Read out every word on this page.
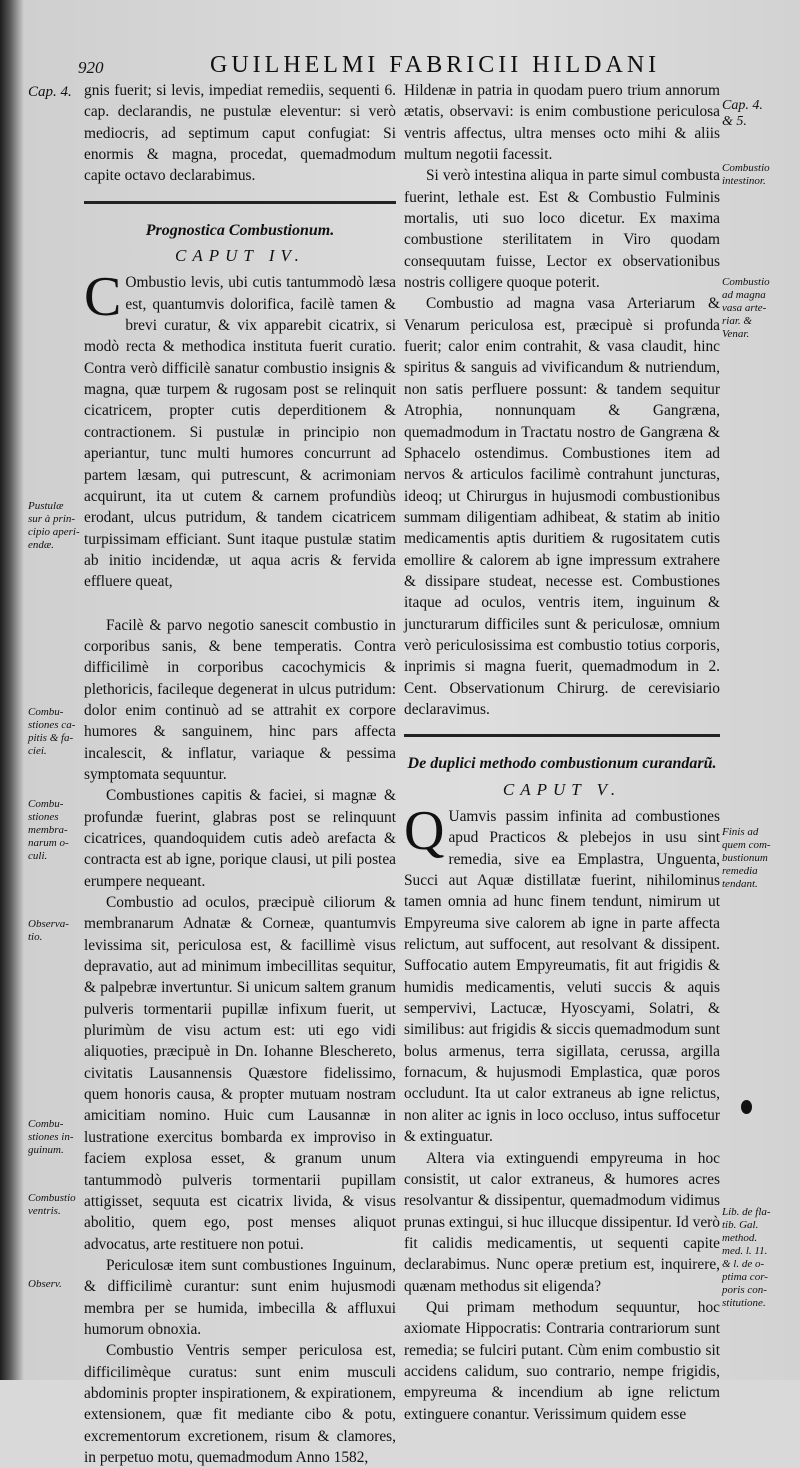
920	GUILHELMI FABRICII HILDANI

gnis fuerit; si levis, impediat remediis, sequenti 6. cap. declarandis, ne pustulæ eleventur: si verò mediocris, ad septimum caput confugiat: Si enormis & magna, procedat, quemadmodum capite octavo declarabimus.

Prognostica Combustionum.
CAPUT IV.

C Ombustio levis, ubi cutis tantummodò læsa est, quantumvis dolorifica, facilè tamen & brevi curatur, & vix apparebit cicatrix, si modò recta & methodica instituta fuerit curatio. Contra verò difficilè sanatur combustio insignis & magna, quæ turpem & rugosam post se relinquit cicatricem, propter cutis deperditionem & contractionem. Si pustulæ in principio non aperiantur, tunc multi humores concurrunt ad partem læsam, qui putrescunt, & acrimoniam acquirunt, ita ut cutem & carnem profundiùs erodant, ulcus putridum, & tandem cicatricem turpissimam efficiant. Sunt itaque pustulæ statim ab initio incidendæ, ut aqua acris & fervida effluere queat,

Facilè & parvo negotio sanescit combustio in corporibus sanis, & bene temperatis. Contra difficilimè in corporibus cacochymicis & plethoricis, facileque degenerat in ulcus putridum: dolor enim continuò ad se attrahit ex corpore humores & sanguinem, hinc pars affecta incalescit, & inflatur, variaque & pessima symptomata sequuntur.

Combustiones capitis & faciei, si magnæ & profundæ fuerint, glabras post se relinquunt cicatrices, quandoquidem cutis adeò arefacta & contracta est ab igne, porique clausi, ut pili postea erumpere nequeant.

Combustio ad oculos, præcipuè ciliorum & membranarum Adnatæ & Corneæ, quantumvis levissima sit, periculosa est, & facillimè visus depravatio, aut ad minimum imbecillitas sequitur, & palpebræ invertuntur. Si unicum saltem granum pulveris tormentarii pupillæ infixum fuerit, ut plurimùm de visu actum est: uti ego vidi aliquoties, præcipuè in Dn. Iohanne Bleschereto, civitatis Lausannensis Quæstore fidelissimo, quem honoris causa, & propter mutuam nostram amicitiam nomino. Huic cum Lausannæ in lustratione exercitus bombarda ex improviso in faciem explosa esset, & granum unum tantummodò pulveris tormentarii pupillam attigisset, sequuta est cicatrix livida, & visus abolitio, quem ego, post menses aliquot advocatus, arte restituere non potui.

Periculosæ item sunt combustiones Inguinum, & difficilimè curantur: sunt enim hujusmodi membra per se humida, imbecilla & affluxui humorum obnoxia.

Combustio Ventris semper periculosa est, difficilimèque curatus: sunt enim musculi abdominis propter inspirationem, & expirationem, extensionem, quæ fit mediante cibo & potu, excrementorum excretionem, risum & clamores, in perpetuo motu, quemadmodum Anno 1582,

Hildenæ in patria in quodam puero trium annorum ætatis, observavi: is enim combustione periculosa ventris affectus, ultra menses octo mihi & aliis multum negotii facessit.

Si verò intestina aliqua in parte simul combusta fuerint, lethale est. Est & Combustio Fulminis mortalis, uti suo loco dicetur. Ex maxima combustione sterilitatem in Viro quodam consequutam fuisse, Lector ex observationibus nostris colligere quoque poterit.

Combustio ad magna vasa Arteriarum & Venarum periculosa est, præcipuè si profunda fuerit; calor enim contrahit, & vasa claudit, hinc spiritus & sanguis ad vivificandum & nutriendum, non satis perfluere possunt: & tandem sequitur Atrophia, nonnunquam & Gangræna, quemadmodum in Tractatu nostro de Gangræna & Sphacelo ostendimus. Combustiones item ad nervos & articulos facilimè contrahunt juncturas, ideoq; ut Chirurgus in hujusmodi combustionibus summam diligentiam adhibeat, & statim ab initio medicamentis aptis duritiem & rugositatem cutis emollire & calorem ab igne impressum extrahere & dissipare studeat, necesse est. Combustiones itaque ad oculos, ventris item, inguinum & juncturarum difficiles sunt & periculosæ, omnium verò periculosissima est combustio totius corporis, inprimis si magna fuerit, quemadmodum in 2. Cent. Observationum Chirurg. de cerevisiario declaravimus.

De duplici methodo combustionum curandarũ.
CAPUT V.

Q Uamvis passim infinita ad combustiones apud Practicos & plebejos in usu sint remedia, sive ea Emplastra, Unguenta, Succi aut Aquæ distillatæ fuerint, nihilominus tamen omnia ad hunc finem tendunt, nimirum ut Empyreuma sive calorem ab igne in parte affecta relictum, aut suffocent, aut resolvant & dissipent. Suffocatio autem Empyreumatis, fit aut frigidis & humidis medicamentis, veluti succis & aquis sempervivi, Lactucæ, Hyoscyami, Solatri, & similibus: aut frigidis & siccis quemadmodum sunt bolus armenus, terra sigillata, cerussa, argilla fornacum, & hujusmodi Emplastica, quæ poros occludunt. Ita ut calor extraneus ab igne relictus, non aliter ac ignis in loco occluso, intus suffocetur & extinguatur.

Altera via extinguendi empyreuma in hoc consistit, ut calor extraneus, & humores acres resolvantur & dissipentur, quemadmodum vidimus prunas extingui, si huc illucque dissipentur. Id verò fit calidis medicamentis, ut sequenti capite declarabimus. Nunc operæ pretium est, inquirere, quænam methodus sit eligenda?

Qui primam methodum sequuntur, hoc axiomate Hippocratis: Contraria contrariorum sunt remedia; se fulciri putant. Cùm enim combustio sit accidens calidum, suo contrario, nempe frigidis, empyreuma & incendium ab igne relictum extinguere conantur. Verissimum quidem esse

Cap. 4.
Pustulæ
sur à prin-
cipio aperi-
endæ.
Combu-
stiones ca-
pitis & fa-
ciei.
Combu-
stiones
membra-
narum o-
culi.
Observa-
tio.
Combu-
stiones in-
guinum.
Combustio
ventris.
Observ.
Cap. 4.
& 5.
Combustio
intestinor.
Combustio
ad magna
vasa arte-
riar. &
Venar.
Finis ad
quem com-
bustionum
remedia
tendant.
Lib. de fla-
tib. Gal.
method.
med. l. 11.
& l. de o-
ptima cor-
poris con-
stitutione.
